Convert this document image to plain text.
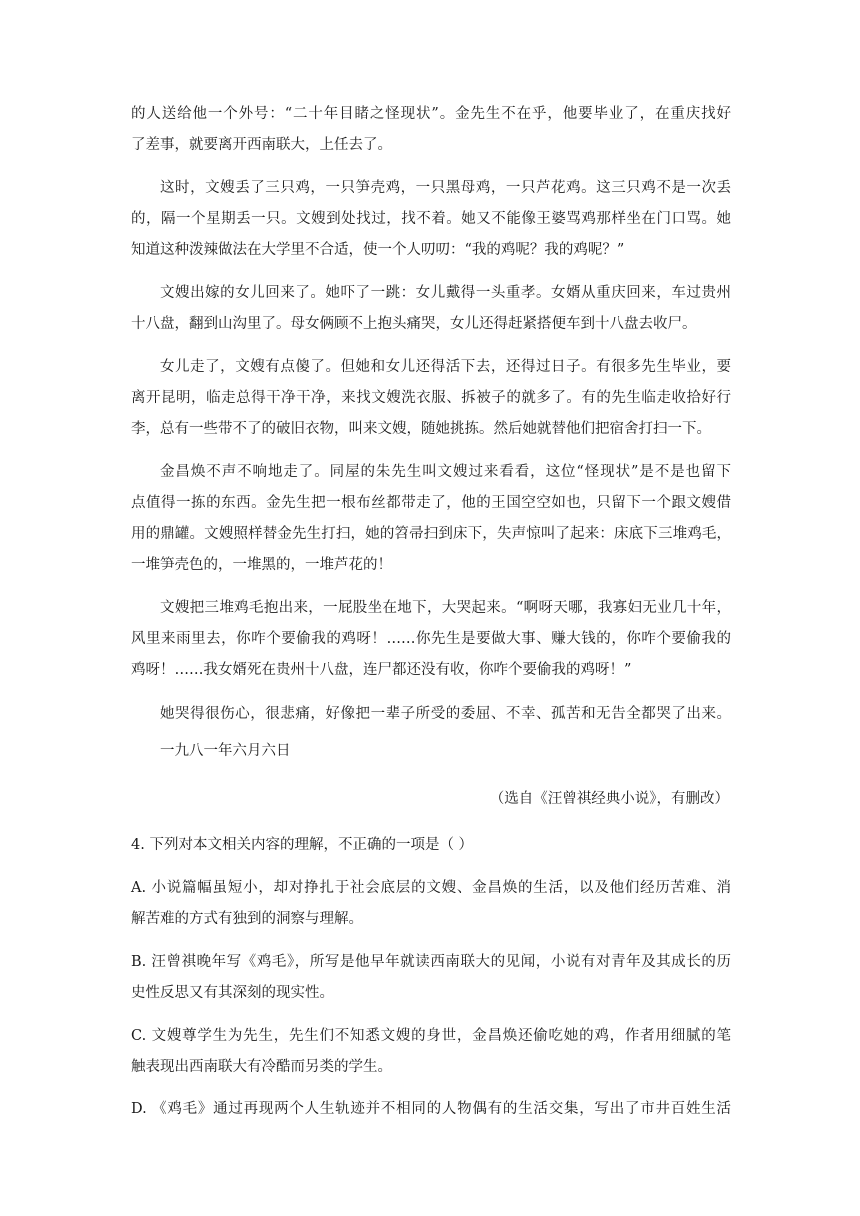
的人送给他一个外号：“二十年目睹之怪现状”。金先生不在乎，他要毕业了，在重庆找好
了差事，就要离开西南联大，上任去了。
这时，文嫂丢了三只鸡，一只笋壳鸡，一只黑母鸡，一只芦花鸡。这三只鸡不是一次丢
的，隔一个星期丢一只。文嫂到处找过，找不着。她又不能像王婆骂鸡那样坐在门口骂。她
知道这种泼辣做法在大学里不合适，使一个人叨叨：“我的鸡呢？我的鸡呢？”
文嫂出嫁的女儿回来了。她吓了一跳：女儿戴得一头重孝。女婿从重庆回来，车过贵州
十八盘，翻到山沟里了。母女俩顾不上抱头痛哭，女儿还得赶紧搭便车到十八盘去收尸。
女儿走了，文嫂有点傻了。但她和女儿还得活下去，还得过日子。有很多先生毕业，要
离开昆明，临走总得干净干净，来找文嫂洗衣服、拆被子的就多了。有的先生临走收拾好行
李，总有一些带不了的破旧衣物，叫来文嫂，随她挑拣。然后她就替他们把宿舍打扫一下。
金昌焕不声不响地走了。同屋的朱先生叫文嫂过来看看，这位“怪现状”是不是也留下
点值得一拣的东西。金先生把一根布丝都带走了，他的王国空空如也，只留下一个跟文嫂借
用的鼎罐。文嫂照样替金先生打扫，她的笤帚扫到床下，失声惊叫了起来：床底下三堆鸡毛，
一堆笋壳色的，一堆黑的，一堆芦花的！
文嫂把三堆鸡毛抱出来，一屁股坐在地下，大哭起来。“啊呀天哪，我寡妇无业几十年，
风里来雨里去，你咋个要偷我的鸡呀！……你先生是要做大事、赚大钱的，你咋个要偷我的
鸡呀！……我女婿死在贵州十八盘，连尸都还没有收，你咋个要偷我的鸡呀！”
她哭得很伤心，很悲痛，好像把一辈子所受的委屈、不幸、孤苦和无告全都哭了出来。
一九八一年六月六日
（选自《汪曾祺经典小说》，有删改）
4. 下列对本文相关内容的理解，不正确的一项是（ ）
A. 小说篇幅虽短小，却对挣扎于社会底层的文嫂、金昌焕的生活，以及他们经历苦难、消
解苦难的方式有独到的洞察与理解。
B. 汪曾祺晚年写《鸡毛》，所写是他早年就读西南联大的见闻，小说有对青年及其成长的历
史性反思又有其深刻的现实性。
C. 文嫂尊学生为先生，先生们不知悉文嫂的身世，金昌焕还偷吃她的鸡，作者用细腻的笔
触表现出西南联大有冷酷而另类的学生。
D. 《鸡毛》通过再现两个人生轨迹并不相同的人物偶有的生活交集，写出了市井百姓生活
